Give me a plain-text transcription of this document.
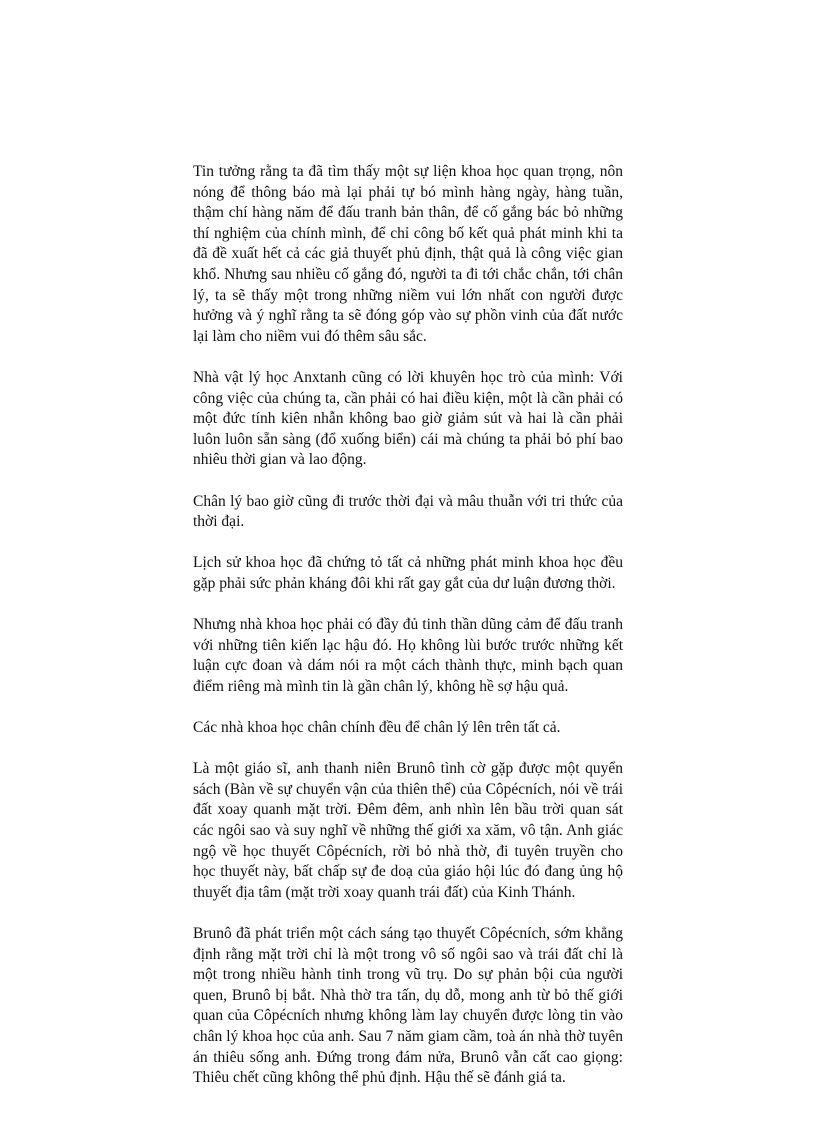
Tin tưởng rằng ta đã tìm thấy một sự liện khoa học quan trọng, nôn nóng để thông báo mà lại phải tự bó mình hàng ngày, hàng tuần, thậm chí hàng năm để đấu tranh bản thân, để cố gắng bác bỏ những thí nghiệm của chính mình, để chỉ công bố kết quả phát minh khi ta đã đề xuất hết cả các giả thuyết phủ định, thật quả là công việc gian khổ. Nhưng sau nhiều cố gắng đó, người ta đi tới chắc chắn, tới chân lý, ta sẽ thấy một trong những niềm vui lớn nhất con người được hưởng và ý nghĩ rằng ta sẽ đóng góp vào sự phồn vinh của đất nước lại làm cho niềm vui đó thêm sâu sắc.

Nhà vật lý học Anxtanh cũng có lời khuyên học trò của mình: Với công việc của chúng ta, cần phải có hai điều kiện, một là cần phải có một đức tính kiên nhẫn không bao giờ giảm sút và hai là cần phải luôn luôn sẵn sàng (đổ xuống biển) cái mà chúng ta phải bỏ phí bao nhiêu thời gian và lao động.

Chân lý bao giờ cũng đi trước thời đại và mâu thuẫn với tri thức của thời đại.

Lịch sử khoa học đã chứng tỏ tất cả những phát minh khoa học đều gặp phải sức phản kháng đôi khi rất gay gắt của dư luận đương thời.

Nhưng nhà khoa học phải có đầy đủ tinh thần dũng cảm để đấu tranh với những tiên kiến lạc hậu đó. Họ không lùi bước trước những kết luận cực đoan và dám nói ra một cách thành thực, minh bạch quan điểm riêng mà mình tin là gần chân lý, không hề sợ hậu quả.

Các nhà khoa học chân chính đều để chân lý lên trên tất cả.

Là một giáo sĩ, anh thanh niên Brunô tình cờ gặp được một quyển sách (Bàn về sự chuyển vận của thiên thể) của Côpécních, nói về trái đất xoay quanh mặt trời. Đêm đêm, anh nhìn lên bầu trời quan sát các ngôi sao và suy nghĩ về những thế giới xa xăm, vô tận. Anh giác ngộ về học thuyết Côpécních, rời bỏ nhà thờ, đi tuyên truyền cho học thuyết này, bất chấp sự đe doạ của giáo hội lúc đó đang ủng hộ thuyết địa tâm (mặt trời xoay quanh trái đất) của Kinh Thánh.

Brunô đã phát triển một cách sáng tạo thuyết Côpécních, sớm khẳng định rằng mặt trời chỉ là một trong vô số ngôi sao và trái đất chỉ là một trong nhiều hành tinh trong vũ trụ. Do sự phản bội của người quen, Brunô bị bắt. Nhà thờ tra tấn, dụ dỗ, mong anh từ bỏ thế giới quan của Côpécních nhưng không làm lay chuyển được lòng tin vào chân lý khoa học của anh. Sau 7 năm giam cầm, toà án nhà thờ tuyên án thiêu sống anh. Đứng trong đám nửa, Brunô vẫn cất cao giọng: Thiêu chết cũng không thể phủ định. Hậu thế sẽ đánh giá ta.
